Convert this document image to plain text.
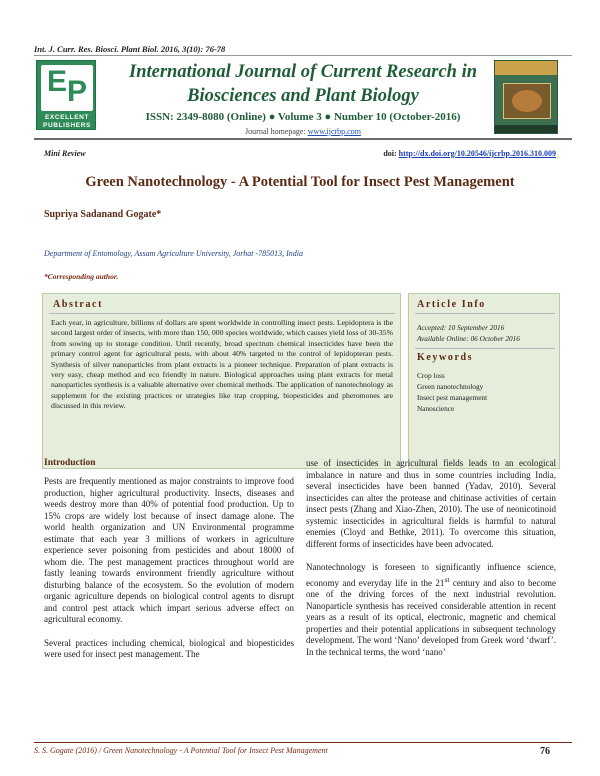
Int. J. Curr. Res. Biosci. Plant Biol. 2016, 3(10): 76-78
E P
EXCELLENT
PUBLISHERS
International Journal of Current Research in
Biosciences and Plant Biology
ISSN: 2349-8080 (Online) ● Volume 3 ● Number 10 (October-2016)
Journal homepage: www.ijcrbp.com
Mini Review	doi: http://dx.doi.org/10.20546/ijcrbp.2016.310.009
Green Nanotechnology - A Potential Tool for Insect Pest Management
Supriya Sadanand Gogate*
Department of Entomology, Assam Agriculture University, Jorhat -785013, India
*Corresponding author.
Abstract
Each year, in agriculture, billions of dollars are spent worldwide in controlling insect pests. Lepidoptera is the second largest order of insects, with more than 150, 000 species worldwide, which causes yield loss of 30-35% from sowing up to storage condition. Until recently, broad spectrum chemical insecticides have been the primary control agent for agricultural pests, with about 40% targeted to the control of lepidopteran pests. Synthesis of silver nanoparticles from plant extracts is a pioneer technique. Preparation of plant extracts is very easy, cheap method and eco friendly in nature. Biological approaches using plant extracts for metal nanoparticles synthesis is a valuable alternative over chemical methods. The application of nanotechnology as supplement for the existing practices or strategies like trap cropping, biopesticides and pheromones are discussed in this review.
Article Info
Accepted: 10 September 2016
Available Online: 06 October 2016
Keywords
Crop loss
Green nanotechnology
Insect pest management
Nanoscience
Introduction

Pests are frequently mentioned as major constraints to improve food production, higher agricultural productivity. Insects, diseases and weeds destroy more than 40% of potential food production. Up to 15% crops are widely lost because of insect damage alone. The world health organization and UN Environmental programme estimate that each year 3 millions of workers in agriculture experience sever poisoning from pesticides and about 18000 of whom die. The pest management practices throughout world are fastly leaning towards environment friendly agriculture without disturbing balance of the ecosystem. So the evolution of modern organic agriculture depends on biological control agents to disrupt and control pest attack which impart serious adverse effect on agricultural economy.

Several practices including chemical, biological and biopesticides were used for insect pest management. The

use of insecticides in agricultural fields leads to an ecological imbalance in nature and thus in some countries including India, several insecticides have been banned (Yadav, 2010). Several insecticides can alter the protease and chitinase activities of certain insect pests (Zhang and Xiao-Zhen, 2010). The use of neonicotinoid systemic insecticides in agricultural fields is harmful to natural enemies (Cloyd and Bethke, 2011). To overcome this situation, different forms of insecticides have been advocated.

Nanotechnology is foreseen to significantly influence science, economy and everyday life in the 21st century and also to become one of the driving forces of the next industrial revolution. Nanoparticle synthesis has received considerable attention in recent years as a result of its optical, electronic, magnetic and chemical properties and their potential applications in subsequent technology development. The word ‘Nano’ developed from Greek word ‘dwarf’. In the technical terms, the word ‘nano’

S. S. Gogate (2016) / Green Nanotechnology - A Potential Tool for Insect Pest Management	76
